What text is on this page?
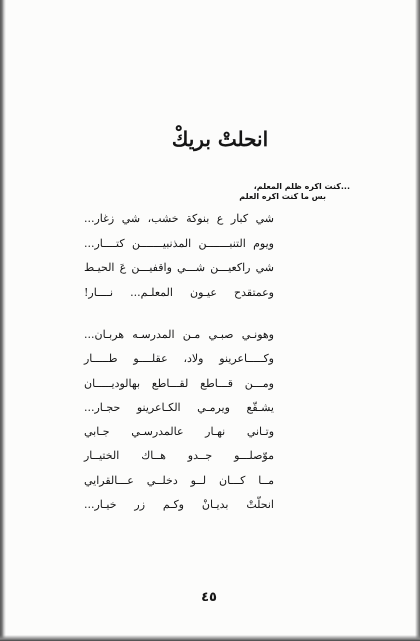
انحلتْ بريكْ
...كنت اكره ظلم المعلم،
بس ما كنت اكره العلم
شي كبار ع بنوكة خشب، شي زغار...
ويوم التنبـــــــن المذنبيـــــــن كتــــار...
شي راكعيـــن شـــي واقفيـــن عَ الحيـط
وعمتقدح عيـون المعلـم... نــــار!
وهونـي صبـي مـن المدرسـه هربـان...
وكـــــاعرينو ولاد، عقلــــو طـــــار
ومـــن قـــاطع لقـــاطع بهالوديـــــان
يشـقّع ويرمـي الكـاعرينو حجـار...
وتـاني نهـار عالمدرسـي جـابي
موّصلـــو جــدو هــاك الختيــار
مــا كـــان لــو دخلــي عـــالقرايي
انحلّتْ بديـانْ وكـم زر خيـار...
٤٥
